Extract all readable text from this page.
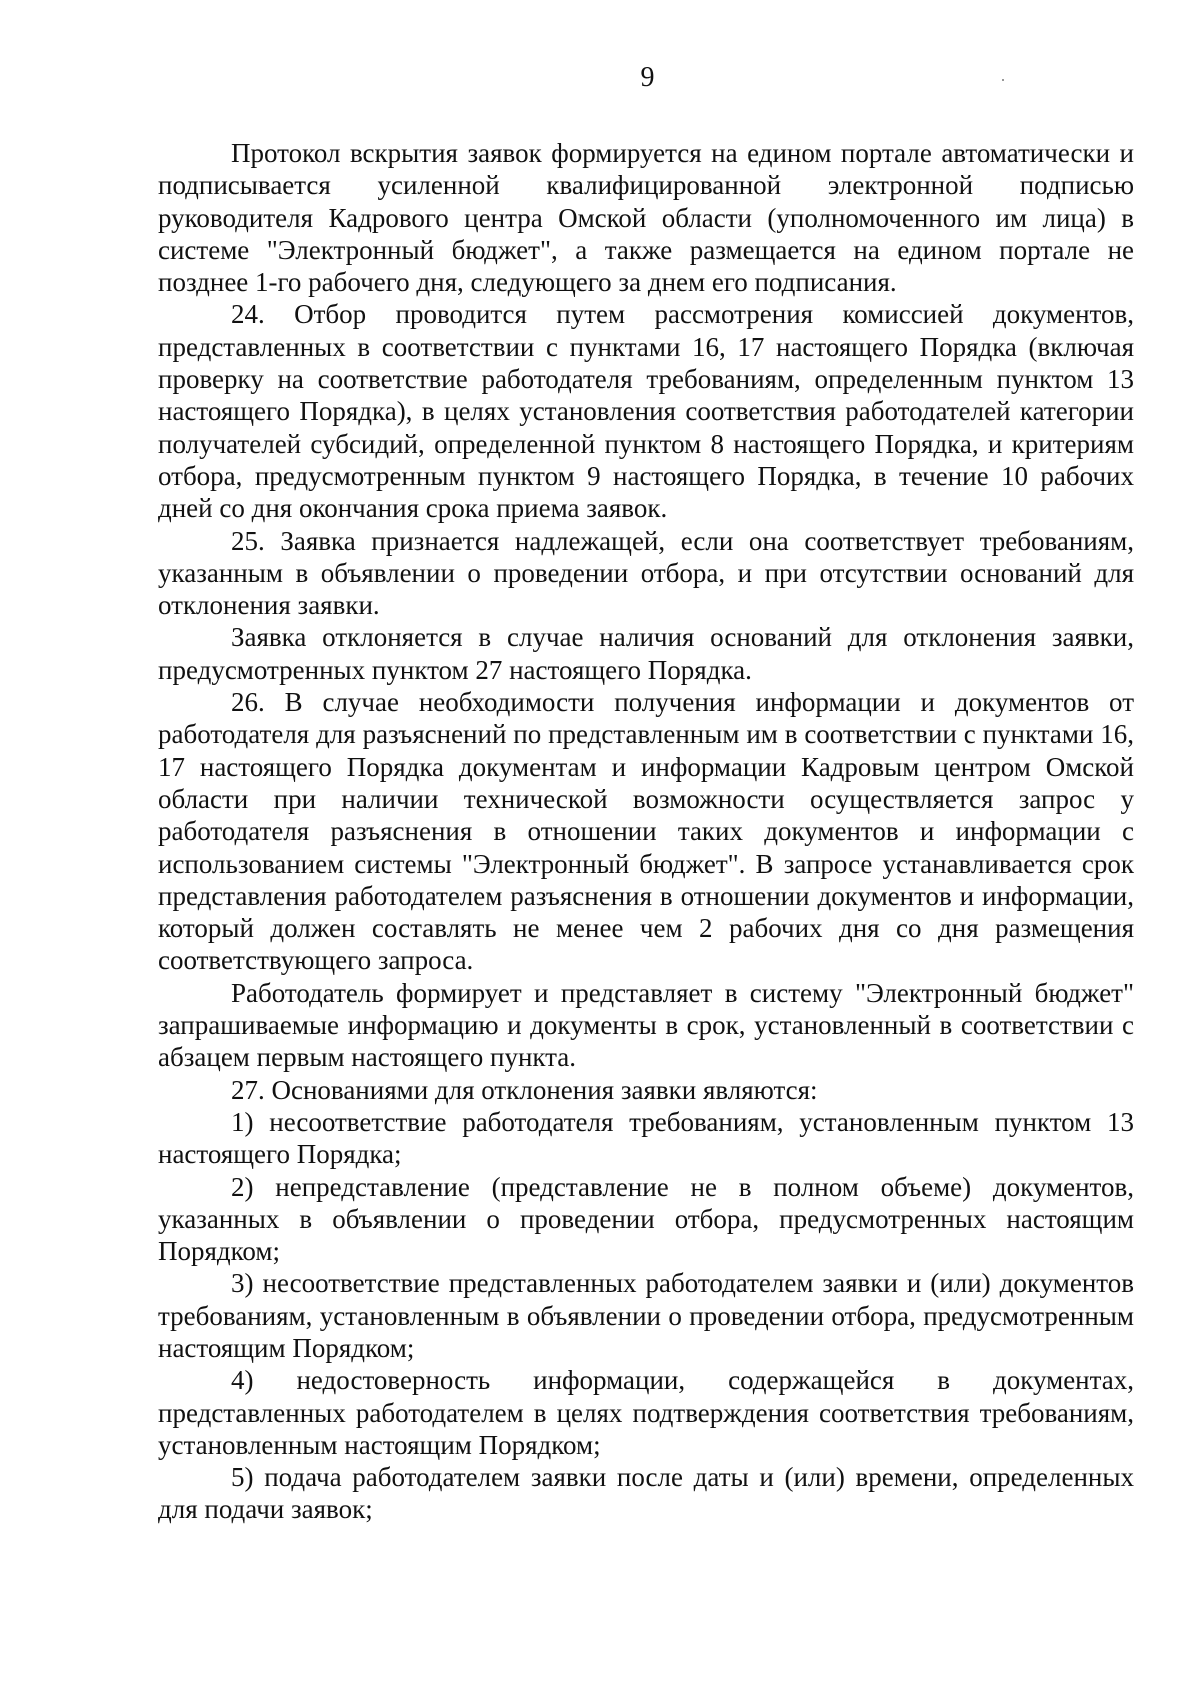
9

Протокол вскрытия заявок формируется на едином портале автоматически и подписывается усиленной квалифицированной электронной подписью руководителя Кадрового центра Омской области (уполномоченного им лица) в системе "Электронный бюджет", а также размещается на едином портале не позднее 1-го рабочего дня, следующего за днем его подписания.

24. Отбор проводится путем рассмотрения комиссией документов, представленных в соответствии с пунктами 16, 17 настоящего Порядка (включая проверку на соответствие работодателя требованиям, определенным пунктом 13 настоящего Порядка), в целях установления соответствия работодателей категории получателей субсидий, определенной пунктом 8 настоящего Порядка, и критериям отбора, предусмотренным пунктом 9 настоящего Порядка, в течение 10 рабочих дней со дня окончания срока приема заявок.

25. Заявка признается надлежащей, если она соответствует требованиям, указанным в объявлении о проведении отбора, и при отсутствии оснований для отклонения заявки.

Заявка отклоняется в случае наличия оснований для отклонения заявки, предусмотренных пунктом 27 настоящего Порядка.

26. В случае необходимости получения информации и документов от работодателя для разъяснений по представленным им в соответствии с пунктами 16, 17 настоящего Порядка документам и информации Кадровым центром Омской области при наличии технической возможности осуществляется запрос у работодателя разъяснения в отношении таких документов и информации с использованием системы "Электронный бюджет". В запросе устанавливается срок представления работодателем разъяснения в отношении документов и информации, который должен составлять не менее чем 2 рабочих дня со дня размещения соответствующего запроса.

Работодатель формирует и представляет в систему "Электронный бюджет" запрашиваемые информацию и документы в срок, установленный в соответствии с абзацем первым настоящего пункта.

27. Основаниями для отклонения заявки являются:

1) несоответствие работодателя требованиям, установленным пунктом 13 настоящего Порядка;

2) непредставление (представление не в полном объеме) документов, указанных в объявлении о проведении отбора, предусмотренных настоящим Порядком;

3) несоответствие представленных работодателем заявки и (или) документов требованиям, установленным в объявлении о проведении отбора, предусмотренным настоящим Порядком;

4) недостоверность информации, содержащейся в документах, представленных работодателем в целях подтверждения соответствия требованиям, установленным настоящим Порядком;

5) подача работодателем заявки после даты и (или) времени, определенных для подачи заявок;
